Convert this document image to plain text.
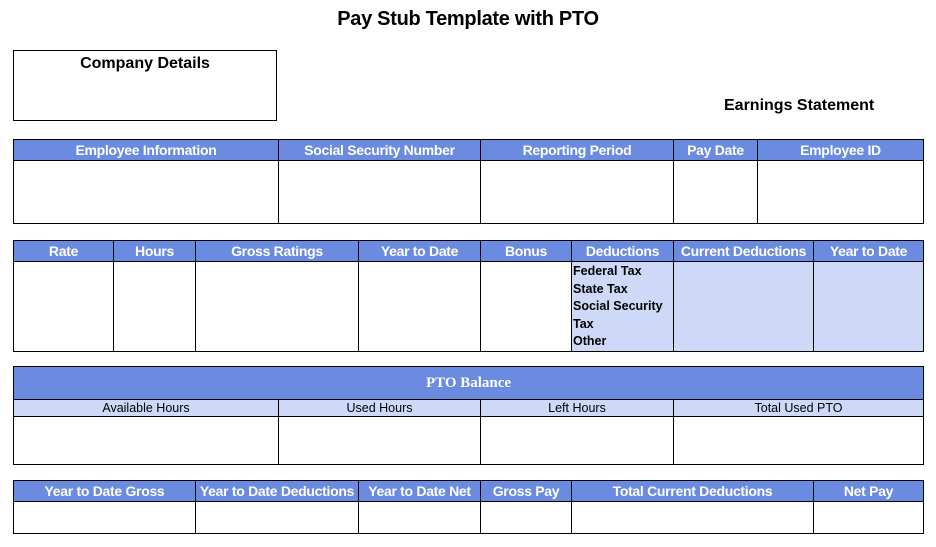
Pay Stub Template with PTO
Company Details
Earnings Statement
Employee Information	Social Security Number	Reporting Period	Pay Date	Employee ID

Rate	Hours	Gross Ratings	Year to Date	Bonus	Deductions	Current Deductions	Year to Date

					Federal Tax
State Tax
Social Security
Tax
Other		

PTO Balance			
Available Hours	Used Hours	Left Hours	Total Used PTO

Year to Date Gross	Year to Date Deductions	Year to Date Net	Gross Pay	Total Current Deductions	Net Pay
